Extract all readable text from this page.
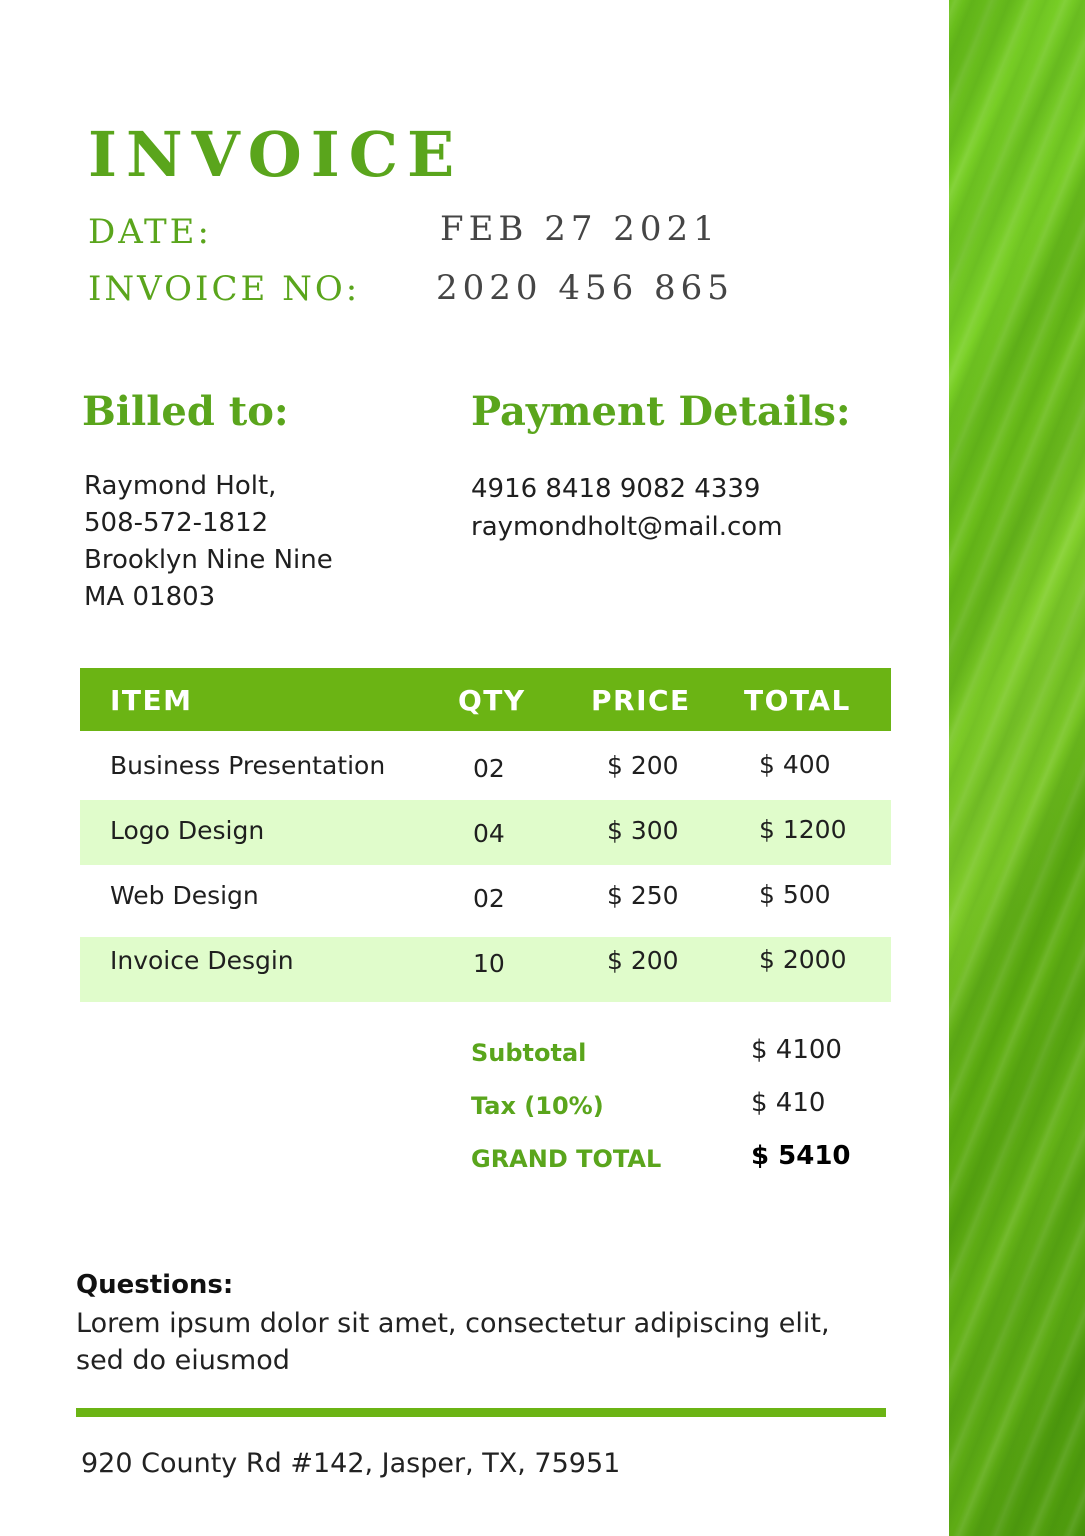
INVOICE
DATE:	FEB 27 2021
INVOICE NO: 2020 456 865
Billed to:
Raymond Holt,
508-572-1812
Brooklyn Nine Nine
MA 01803
Payment Details:
4916 8418 9082 4339
raymondholt@mail.com
ITEM	QTY PRICE TOTAL
Business Presentation	02	$ 200	$ 400
Logo Design	04	$ 300	$ 1200
Web Design	02	$ 250	$ 500
Invoice Desgin	10	$ 200	$ 2000
Subtotal	$ 4100
Tax (10%)	$ 410
GRAND TOTAL	$ 5410
Questions:
Lorem ipsum dolor sit amet, consectetur adipiscing elit, sed do eiusmod
920 County Rd #142, Jasper, TX, 75951
